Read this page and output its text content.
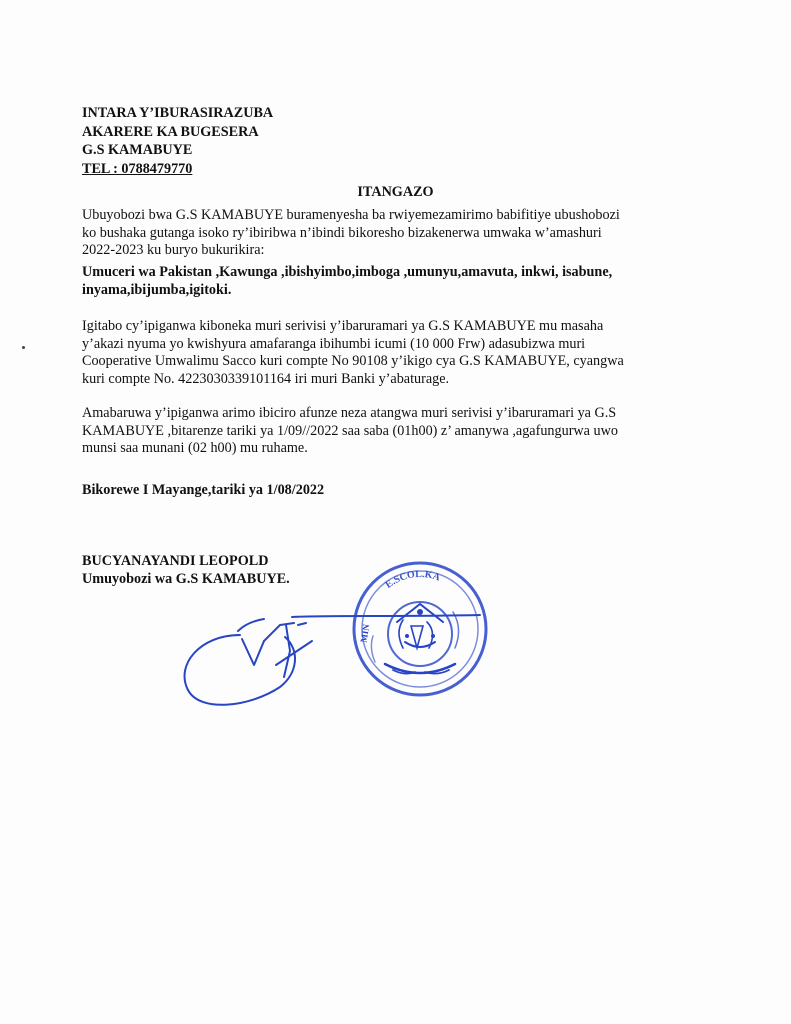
INTARA Y’IBURASIRAZUBA
AKARERE KA BUGESERA
G.S KAMABUYE
TEL : 0788479770
ITANGAZO
Ubuyobozi bwa G.S KAMABUYE buramenyesha ba rwiyemezamirimo babifitiye ubushobozi
ko bushaka gutanga isoko ry’ibiribwa n’ibindi bikoresho bizakenerwa umwaka w’amashuri
2022-2023 ku buryo bukurikira:
Umuceri wa Pakistan ,Kawunga ,ibishyimbo,imboga ,umunyu,amavuta, inkwi, isabune,
inyama,ibijumba,igitoki.
Igitabo cy’ipiganwa kiboneka muri serivisi y’ibaruramari ya G.S KAMABUYE mu masaha
y’akazi nyuma yo kwishyura amafaranga ibihumbi icumi (10 000 Frw) adasubizwa muri
Cooperative Umwalimu Sacco kuri compte No 90108 y’ikigo cya G.S KAMABUYE, cyangwa
kuri compte No. 4223030339101164 iri muri Banki y’abaturage.
Amabaruwa y’ipiganwa arimo ibiciro afunze neza atangwa muri serivisi y’ibaruramari ya G.S
KAMABUYE ,bitarenze tariki ya 1/09//2022 saa saba (01h00) z’ amanywa ,agafungurwa uwo
munsi saa munani (02 h00) mu ruhame.
Bikorewe I Mayange,tariki ya 1/08/2022
BUCYANAYANDI LEOPOLD
Umuyobozi wa G.S KAMABUYE.	E.SCOL.KA
MIN
